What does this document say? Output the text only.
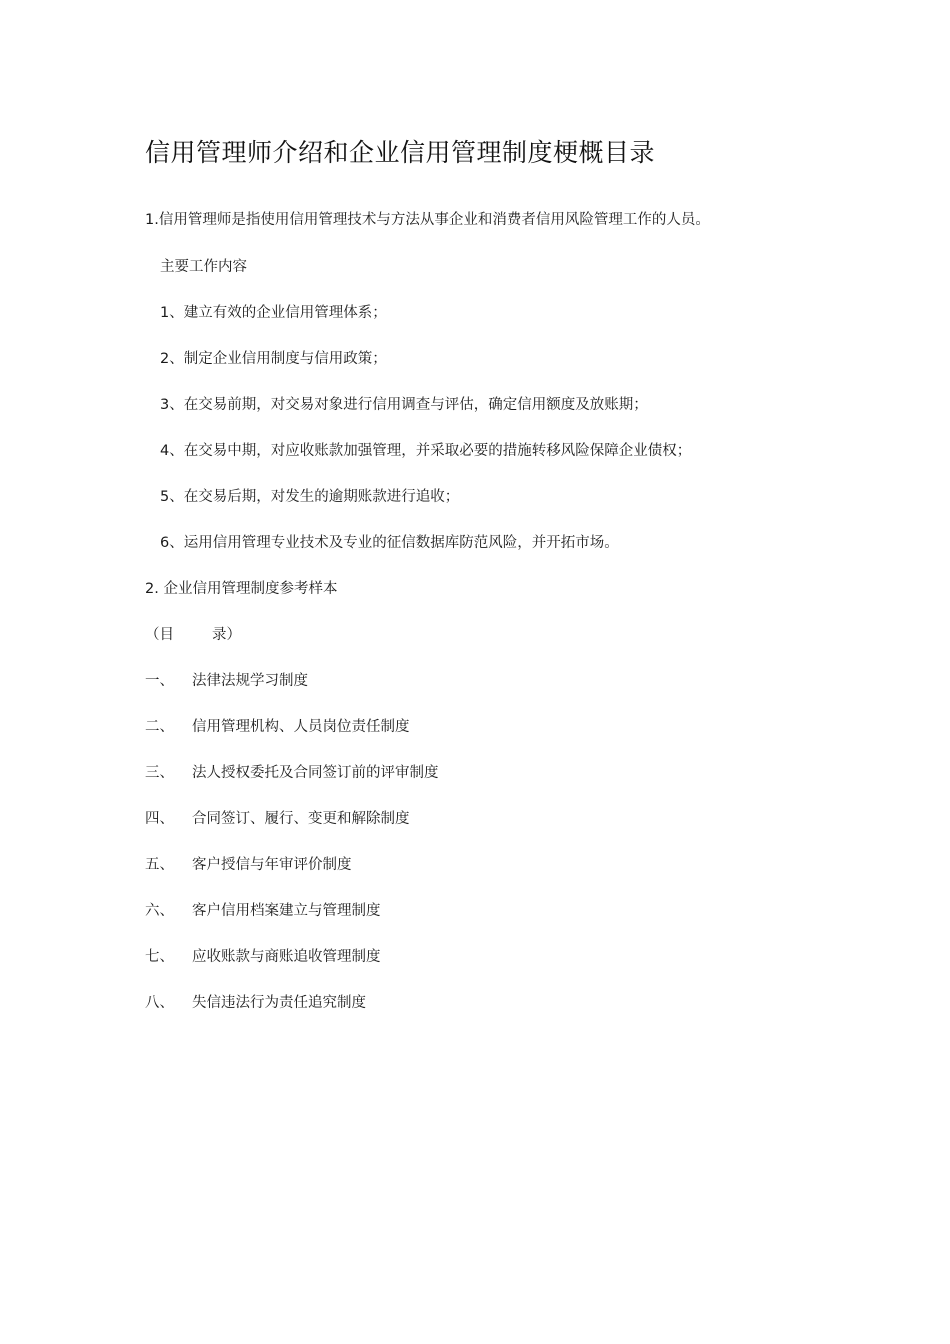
信用管理师介绍和企业信用管理制度梗概目录
1.信用管理师是指使用信用管理技术与方法从事企业和消费者信用风险管理工作的人员。
主要工作内容
1、建立有效的企业信用管理体系；
2、制定企业信用制度与信用政策；
3、在交易前期，对交易对象进行信用调查与评估，确定信用额度及放账期；
4、在交易中期，对应收账款加强管理，并采取必要的措施转移风险保障企业债权；
5、在交易后期，对发生的逾期账款进行追收；
6、运用信用管理专业技术及专业的征信数据库防范风险，并开拓市场。
2. 企业信用管理制度参考样本
（目	录）
一、 法律法规学习制度
二、 信用管理机构、人员岗位责任制度
三、 法人授权委托及合同签订前的评审制度
四、 合同签订、履行、变更和解除制度
五、 客户授信与年审评价制度
六、 客户信用档案建立与管理制度
七、 应收账款与商账追收管理制度
八、 失信违法行为责任追究制度
